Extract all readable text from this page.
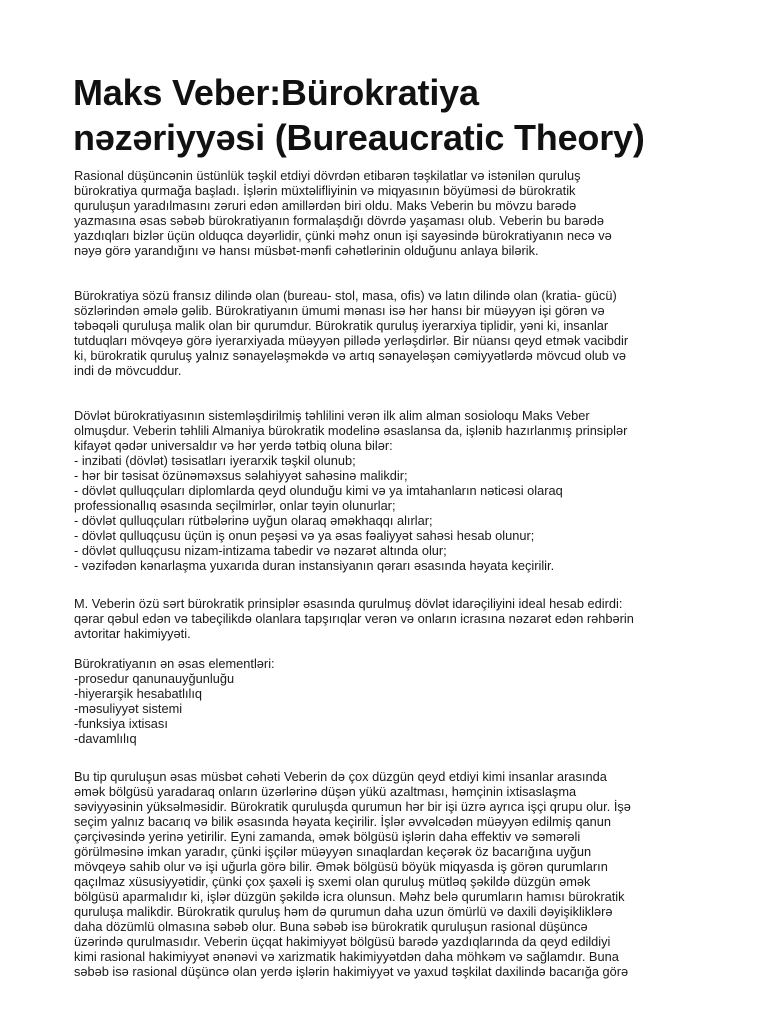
Maks Veber:Bürokratiya
nəzəriyyəsi (Bureaucratic Theory)
Rasional düşüncənin üstünlük təşkil etdiyi dövrdən etibarən təşkilatlar və istənilən quruluş
bürokratiya qurmağa başladı. İşlərin müxtəlifliyinin və miqyasının böyüməsi də bürokratik
quruluşun yaradılmasını zəruri edən amillərdən biri oldu. Maks Veberin bu mövzu barədə
yazmasına əsas səbəb bürokratiyanın formalaşdığı dövrdə yaşaması olub. Veberin bu barədə
yazdıqları bizlər üçün olduqca dəyərlidir, çünki məhz onun işi sayəsində bürokratiyanın necə və
nəyə görə yarandığını və hansı müsbət-mənfi cəhətlərinin olduğunu anlaya bilərik.
Bürokratiya sözü fransız dilində olan (bureau- stol, masa, ofis) və latın dilində olan (kratia- gücü)
sözlərindən əmələ gəlib. Bürokratiyanın ümumi mənası isə hər hansı bir müəyyən işi görən və
təbəqəli quruluşa malik olan bir qurumdur. Bürokratik quruluş iyerarxiya tiplidir, yəni ki, insanlar
tutduqları mövqeyə görə iyerarxiyada müəyyən pillədə yerləşdirlər. Bir nüansı qeyd etmək vacibdir
ki, bürokratik quruluş yalnız sənayeləşməkdə və artıq sənayeləşən cəmiyyətlərdə mövcud olub və
indi də mövcuddur.
Dövlət bürokratiyasının sistemləşdirilmiş təhlilini verən ilk alim alman sosioloqu Maks Veber
olmuşdur. Veberin təhlili Almaniya bürokratik modelinə əsaslansa da, işlənib hazırlanmış prinsiplər
kifayət qədər universaldır və hər yerdə tətbiq oluna bilər:
- inzibati (dövlət) təsisatları iyerarxik təşkil olunub;
- hər bir təsisat özünəməxsus səlahiyyət sahəsinə malikdir;
- dövlət qulluqçuları diplomlarda qeyd olunduğu kimi və ya imtahanların nəticəsi olaraq
professionallıq əsasında seçilmirlər, onlar təyin olunurlar;
- dövlət qulluqçuları rütbələrinə uyğun olaraq əməkhaqqı alırlar;
- dövlət qulluqçusu üçün iş onun peşəsi və ya əsas fəaliyyət sahəsi hesab olunur;
- dövlət qulluqçusu nizam-intizama tabedir və nəzarət altında olur;
- vəzifədən kənarlaşma yuxarıda duran instansiyanın qərarı əsasında həyata keçirilir.
M. Veberin özü sərt bürokratik prinsiplər əsasında qurulmuş dövlət idarəçiliyini ideal hesab edirdi:
qərar qəbul edən və tabeçilikdə olanlara tapşırıqlar verən və onların icrasına nəzarət edən rəhbərin
avtoritar hakimiyyəti.
Bürokratiyanın ən əsas elementləri:
-prosedur qanunauyğunluğu
-hiyerarşik hesabatlılıq
-məsuliyyət sistemi
-funksiya ixtisası
-davamlılıq
Bu tip quruluşun əsas müsbət cəhəti Veberin də çox düzgün qeyd etdiyi kimi insanlar arasında
əmək bölgüsü yaradaraq onların üzərlərinə düşən yükü azaltması, həmçinin ixtisaslaşma
səviyyəsinin yüksəlməsidir. Bürokratik quruluşda qurumun hər bir işi üzrə ayrıca işçi qrupu olur. İşə
seçim yalnız bacarıq və bilik əsasında həyata keçirilir. İşlər əvvəlcədən müəyyən edilmiş qanun
çərçivəsində yerinə yetirilir. Eyni zamanda, əmək bölgüsü işlərin daha effektiv və səmərəli
görülməsinə imkan yaradır, çünki işçilər müəyyən sınaqlardan keçərək öz bacarığına uyğun
mövqeyə sahib olur və işi uğurla görə bilir. Əmək bölgüsü böyük miqyasda iş görən qurumların
qaçılmaz xüsusiyyətidir, çünki çox şaxəli iş sxemi olan quruluş mütləq şəkildə düzgün əmək
bölgüsü aparmalıdır ki, işlər düzgün şəkildə icra olunsun. Məhz belə qurumların hamısı bürokratik
quruluşa malikdir. Bürokratik quruluş həm də qurumun daha uzun ömürlü və daxili dəyişikliklərə
daha dözümlü olmasına səbəb olur. Buna səbəb isə bürokratik quruluşun rasional düşüncə
üzərində qurulmasıdır. Veberin üçqat hakimiyyət bölgüsü barədə yazdıqlarında da qeyd edildiyi
kimi rasional hakimiyyət ənənəvi və xarizmatik hakimiyyətdən daha möhkəm və sağlamdır. Buna
səbəb isə rasional düşüncə olan yerdə işlərin hakimiyyət və yaxud təşkilat daxilində bacarığa görə
